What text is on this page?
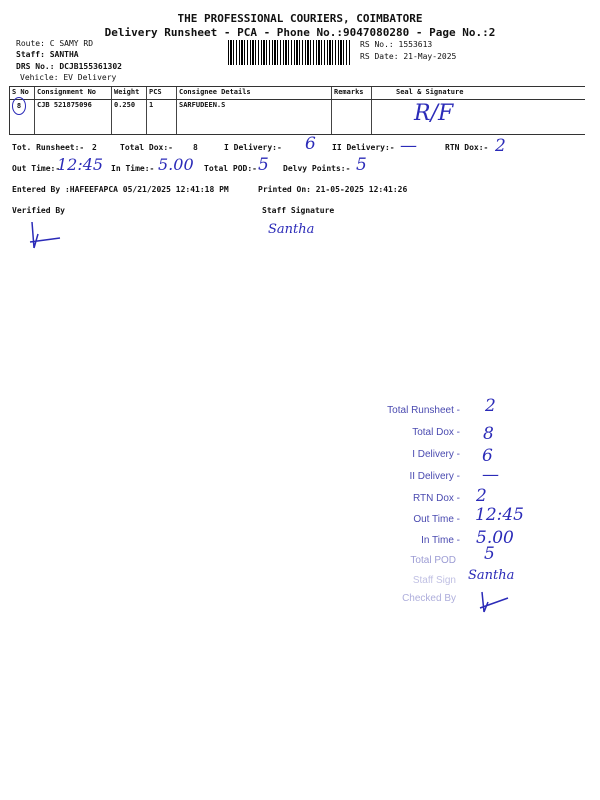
THE PROFESSIONAL COURIERS, COIMBATORE
Delivery Runsheet - PCA - Phone No.:9047080280 - Page No.:2
Route: C SAMY RD
Staff: SANTHA
DRS No.: DCJB155361302
Vehicle: EV Delivery
RS No.: 1553613
RS Date: 21-May-2025
S No	Consignment No	Weight	PCS	Consignee Details	Remarks	Seal & Signature
8	CJB 521875096	0.250	1	SARFUDEEN.S		R/F
Tot. Runsheet:- 2	Total Dox:-	8	I Delivery:- 6 II Delivery:- —	RTN Dox:- 2
Out Time:-
12:45 In Time:- 5.00 Total POD:- 5 Delvy Points:- 5
Entered By :HAFEEFAPCA 05/21/2025 12:41:18 PM	Printed On: 21-05-2025 12:41:26
Verified By	Staff Signature
Santha
Total Runsheet - 2
Total Dox - 8
I Delivery - 6
II Delivery - —
RTN Dox - 2
Out Time - 12:45
In Time - 5.00
Total POD 5
Staff Sign Santha
Checked By
